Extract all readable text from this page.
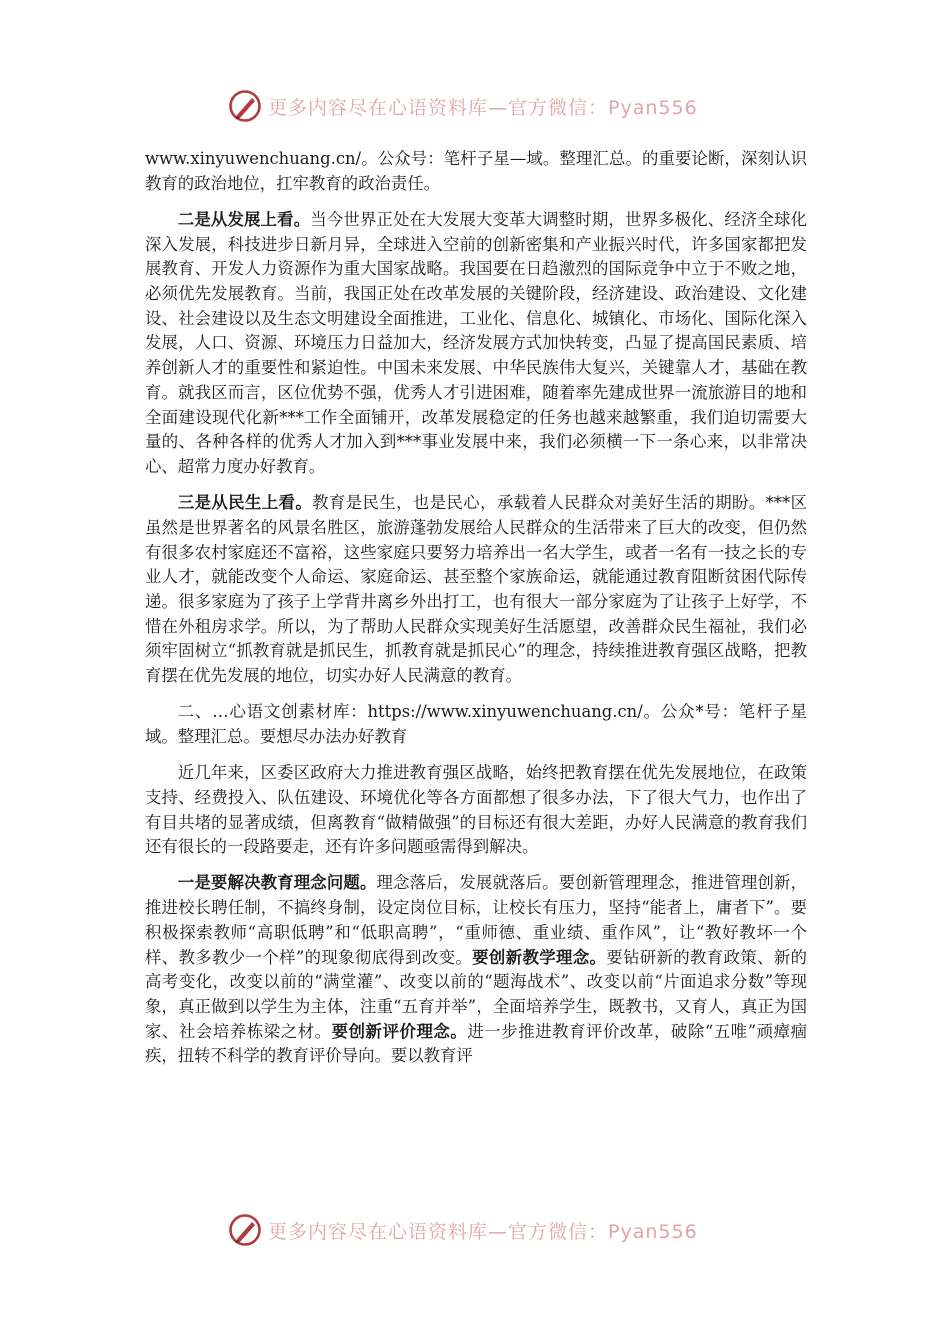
更多内容尽在心语资料库—官方微信：Pyan556

www.xinyuwenchuang.cn/。公众号：笔杆子星—域。整理汇总。的重要论断，深刻认识教育的政治地位，扛牢教育的政治责任。

二是从发展上看。当今世界正处在大发展大变革大调整时期，世界多极化、经济全球化深入发展，科技进步日新月异，全球进入空前的创新密集和产业振兴时代，许多国家都把发展教育、开发人力资源作为重大国家战略。我国要在日趋激烈的国际竞争中立于不败之地，必须优先发展教育。当前，我国正处在改革发展的关键阶段，经济建设、政治建设、文化建设、社会建设以及生态文明建设全面推进，工业化、信息化、城镇化、市场化、国际化深入发展，人口、资源、环境压力日益加大，经济发展方式加快转变，凸显了提高国民素质、培养创新人才的重要性和紧迫性。中国未来发展、中华民族伟大复兴，关键靠人才，基础在教育。就我区而言，区位优势不强，优秀人才引进困难，随着率先建成世界一流旅游目的地和全面建设现代化新***工作全面铺开，改革发展稳定的任务也越来越繁重，我们迫切需要大量的、各种各样的优秀人才加入到***事业发展中来，我们必须横一下一条心来，以非常决心、超常力度办好教育。

三是从民生上看。教育是民生，也是民心，承载着人民群众对美好生活的期盼。***区虽然是世界著名的风景名胜区，旅游蓬勃发展给人民群众的生活带来了巨大的改变，但仍然有很多农村家庭还不富裕，这些家庭只要努力培养出一名大学生，或者一名有一技之长的专业人才，就能改变个人命运、家庭命运、甚至整个家族命运，就能通过教育阻断贫困代际传递。很多家庭为了孩子上学背井离乡外出打工，也有很大一部分家庭为了让孩子上好学，不惜在外租房求学。所以，为了帮助人民群众实现美好生活愿望，改善群众民生福祉，我们必须牢固树立“抓教育就是抓民生，抓教育就是抓民心”的理念，持续推进教育强区战略，把教育摆在优先发展的地位，切实办好人民满意的教育。

二、…心语文创素材库：https://www.xinyuwenchuang.cn/。公众*号：笔杆子星域。整理汇总。要想尽办法办好教育

近几年来，区委区政府大力推进教育强区战略，始终把教育摆在优先发展地位，在政策支持、经费投入、队伍建设、环境优化等各方面都想了很多办法，下了很大气力，也作出了有目共堵的显著成绩，但离教育“做精做强”的目标还有很大差距，办好人民满意的教育我们还有很长的一段路要走，还有许多问题亟需得到解决。

一是要解决教育理念问题。理念落后，发展就落后。要创新管理理念，推进管理创新，推进校长聘任制，不搞终身制，设定岗位目标，让校长有压力，坚持“能者上，庸者下”。要积极探索教师“高职低聘”和“低职高聘”，“重师德、重业绩、重作风”，让“教好教坏一个样、教多教少一个样”的现象彻底得到改变。要创新教学理念。要钻研新的教育政策、新的高考变化，改变以前的“满堂灌”、改变以前的“题海战术”、改变以前“片面追求分数”等现象，真正做到以学生为主体，注重“五育并举”，全面培养学生，既教书，又育人，真正为国家、社会培养栋梁之材。要创新评价理念。进一步推进教育评价改革，破除“五唯”顽瘴痼疾，扭转不科学的教育评价导向。要以教育评

更多内容尽在心语资料库—官方微信：Pyan556
